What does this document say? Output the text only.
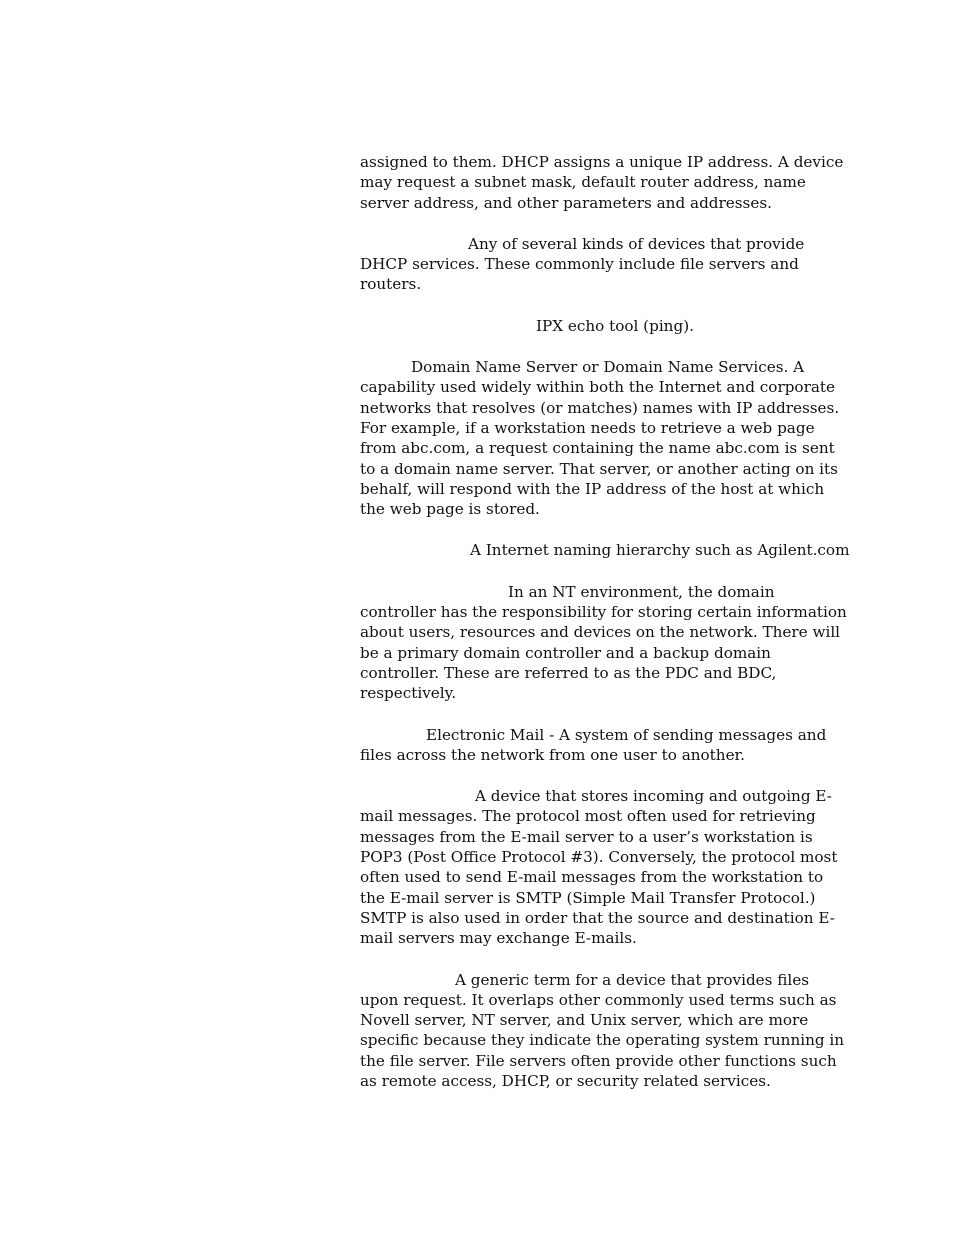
assigned to them. DHCP assigns a unique IP address. A device may request a subnet mask, default router address, name server address, and other parameters and addresses.

Any of several kinds of devices that provide DHCP services. These commonly include file servers and routers.

IPX echo tool (ping).

Domain Name Server or Domain Name Services. A capability used widely within both the Internet and corporate networks that resolves (or matches) names with IP addresses. For example, if a workstation needs to retrieve a web page from abc.com, a request containing the name abc.com is sent to a domain name server. That server, or another acting on its behalf, will respond with the IP address of the host at which the web page is stored.

A Internet naming hierarchy such as Agilent.com

In an NT environment, the domain controller has the responsibility for storing certain information about users, resources and devices on the network. There will be a primary domain controller and a backup domain controller. These are referred to as the PDC and BDC, respectively.

Electronic Mail - A system of sending messages and files across the network from one user to another.

A device that stores incoming and outgoing E-mail messages. The protocol most often used for retrieving messages from the E-mail server to a user’s workstation is POP3 (Post Office Protocol #3). Conversely, the protocol most often used to send E-mail messages from the workstation to the E-mail server is SMTP (Simple Mail Transfer Protocol.) SMTP is also used in order that the source and destination E-mail servers may exchange E-mails.

A generic term for a device that provides files upon request. It overlaps other commonly used terms such as Novell server, NT server, and Unix server, which are more specific because they indicate the operating system running in the file server. File servers often provide other functions such as remote access, DHCP, or security related services.
